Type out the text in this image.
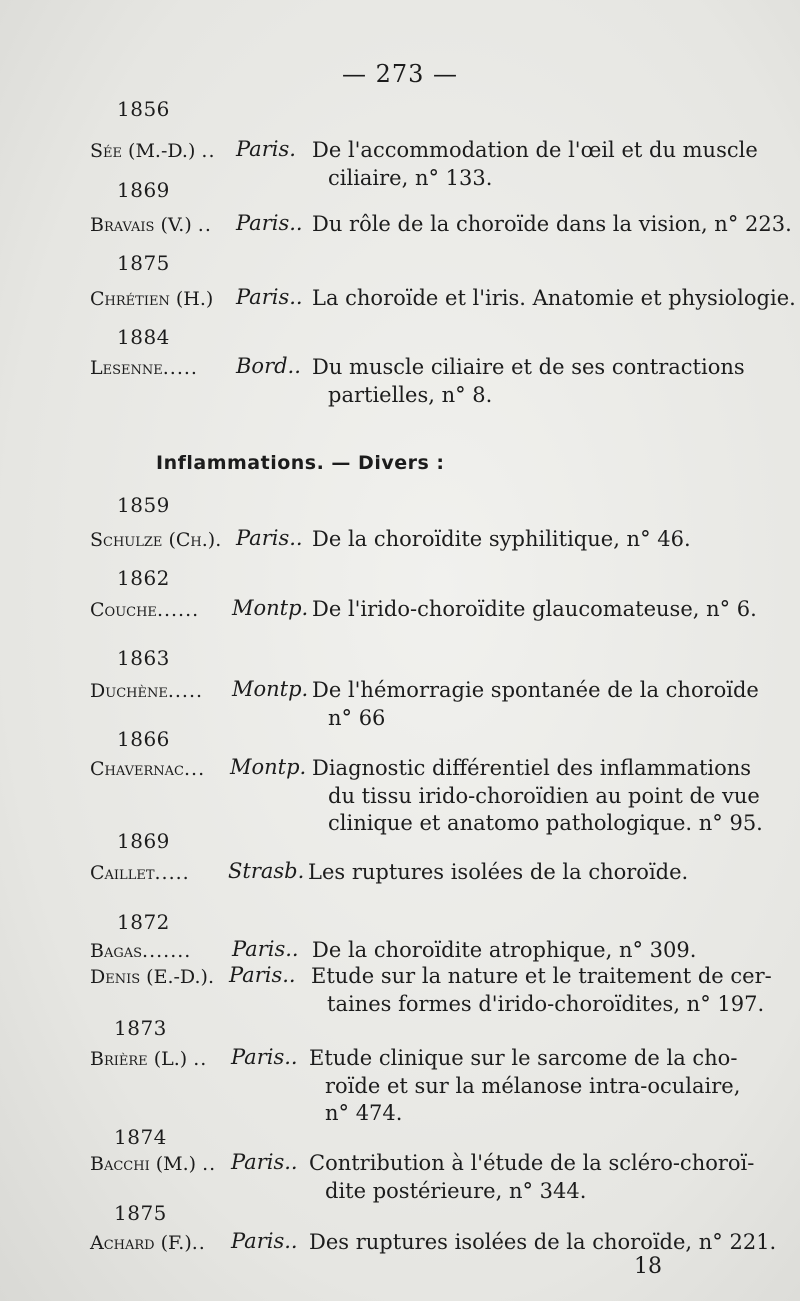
— 273 —
1856
Sée (M.-D.) .. Paris. De l'accommodation de l'œil et du muscle
ciliaire, n° 133.
1869
Bravais (V.) .. Paris.. Du rôle de la choroïde dans la vision, n° 223.
1875
Chrétien (H.) Paris.. La choroïde et l'iris. Anatomie et physiologie.
1884
Lesenne..... Bord.. Du muscle ciliaire et de ses contractions
partielles, n° 8.
Inflammations. — Divers :
1859
Schulze (Ch.). Paris.. De la choroïdite syphilitique, n° 46.
1862
Couche...... Montp. De l'irido-choroïdite glaucomateuse, n° 6.
1863
Duchène..... Montp. De l'hémorragie spontanée de la choroïde
n° 66
1866
Chavernac... Montp. Diagnostic différentiel des inflammations
du tissu irido-choroïdien au point de vue
clinique et anatomo pathologique. n° 95.
1869
Caillet..... Strasb. Les ruptures isolées de la choroïde.
1872
Bagas....... Paris.. De la choroïdite atrophique, n° 309.
Denis (E.-D.). Paris.. Etude sur la nature et le traitement de cer-
taines formes d'irido-choroïdites, n° 197.
1873
Brière (L.) .. Paris.. Etude clinique sur le sarcome de la cho-
roïde et sur la mélanose intra-oculaire,
n° 474.
1874
Bacchi (M.) .. Paris.. Contribution à l'étude de la scléro-choroï-
dite postérieure, n° 344.
1875
Achard (F.).. Paris.. Des ruptures isolées de la choroïde, n° 221.
18
